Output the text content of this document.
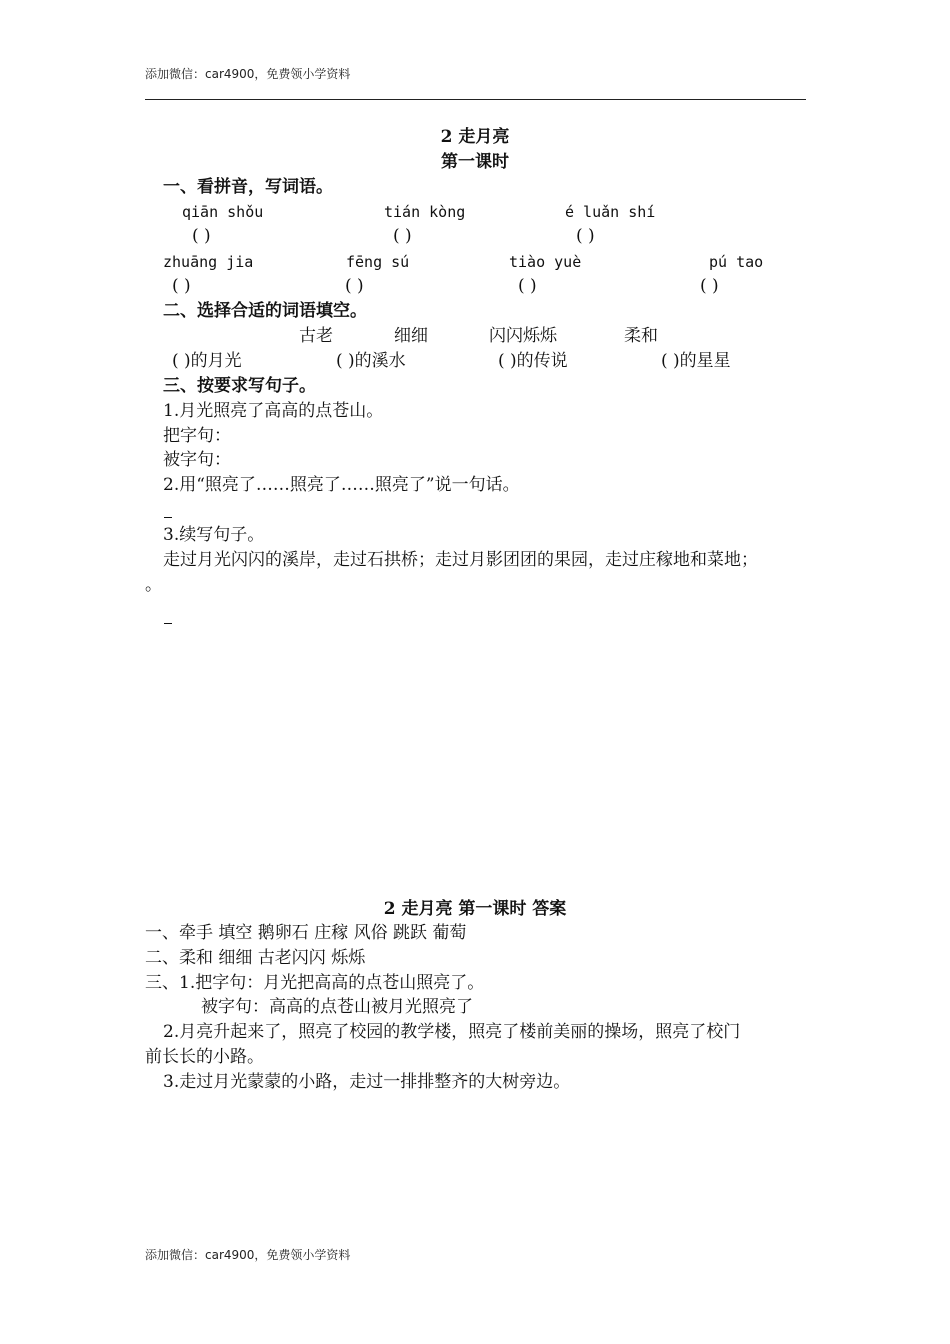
添加微信：car4900，免费领小学资料
2 走月亮
第一课时
一、看拼音，写词语。
qiān shǒu	tián kòng	é luǎn shí
( )	( )	( )
zhuāng jia	fēng sú	tiào yuè	pú tao
( )	( )	( )	( )
二、选择合适的词语填空。
古老	细细	闪闪烁烁	柔和
( )的月光	( )的溪水	( )的传说	( )的星星
三、按要求写句子。
1.月光照亮了高高的点苍山。
把字句：
被字句：
2.用“照亮了……照亮了……照亮了”说一句话。
3.续写句子。
走过月光闪闪的溪岸，走过石拱桥；走过月影团团的果园，走过庄稼地和菜地；
。
2 走月亮 第一课时 答案
一、牵手 填空 鹅卵石 庄稼 风俗 跳跃 葡萄
二、柔和 细细 古老闪闪 烁烁
三、1.把字句：月光把高高的点苍山照亮了。
被字句：高高的点苍山被月光照亮了
2.月亮升起来了，照亮了校园的教学楼，照亮了楼前美丽的操场，照亮了校门
前长长的小路。
3.走过月光蒙蒙的小路，走过一排排整齐的大树旁边。
添加微信：car4900，免费领小学资料
